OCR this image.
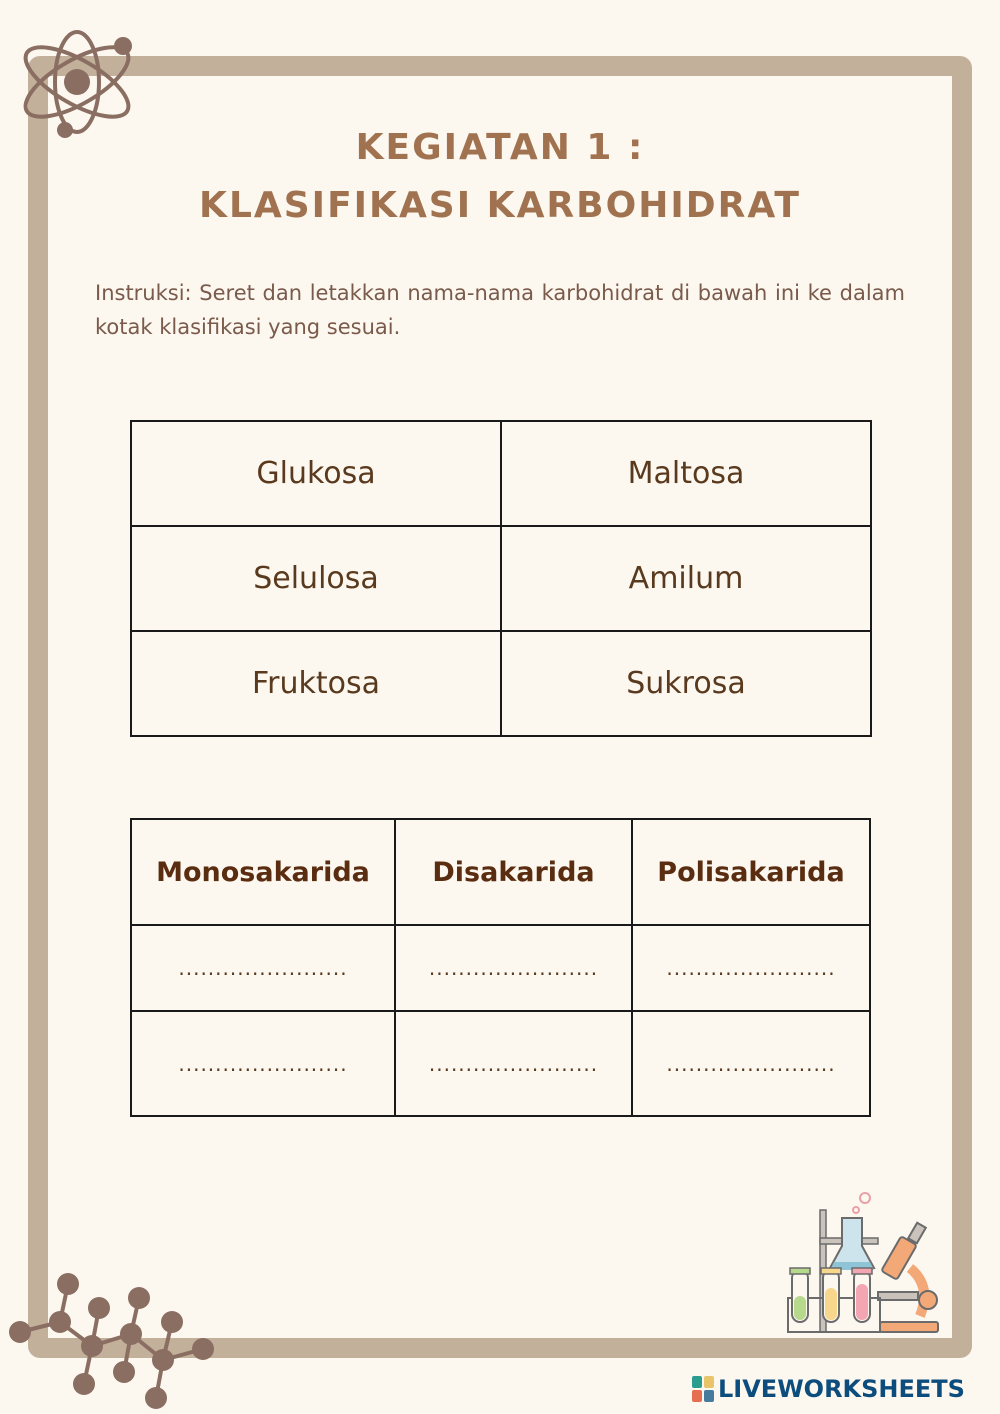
KEGIATAN 1 :
KLASIFIKASI KARBOHIDRAT
Instruksi: Seret dan letakkan nama-nama karbohidrat di bawah ini ke dalam kotak klasifikasi yang sesuai.
Glukosa	Maltosa
Selulosa	Amilum
Fruktosa	Sukrosa
Monosakarida	Disakarida	Polisakarida
.......................	.......................	.......................
.......................	.......................	.......................
LIVEWORKSHEETS
